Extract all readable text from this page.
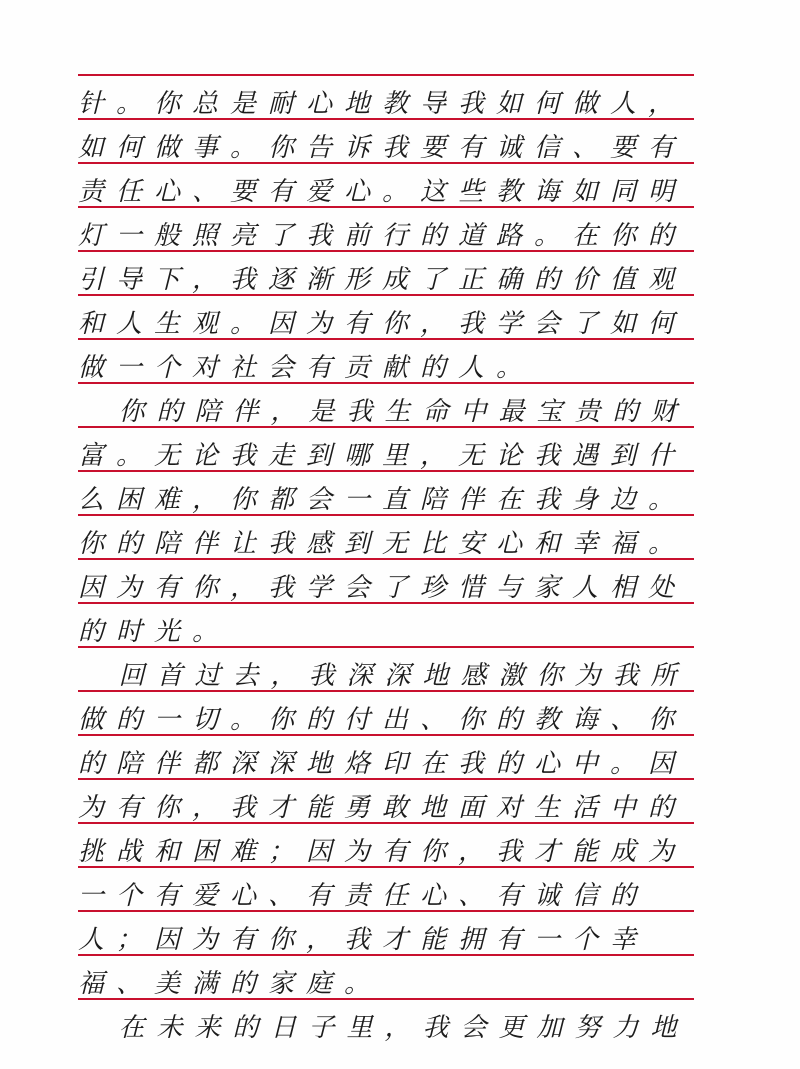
针。你总是耐心地教导我如何做人，
如何做事。你告诉我要有诚信、要有
责任心、要有爱心。这些教诲如同明
灯一般照亮了我前行的道路。在你的
引导下，我逐渐形成了正确的价值观
和人生观。因为有你，我学会了如何
做一个对社会有贡献的人。
你的陪伴，是我生命中最宝贵的财
富。无论我走到哪里，无论我遇到什
么困难，你都会一直陪伴在我身边。
你的陪伴让我感到无比安心和幸福。
因为有你，我学会了珍惜与家人相处
的时光。
回首过去，我深深地感激你为我所
做的一切。你的付出、你的教诲、你
的陪伴都深深地烙印在我的心中。因
为有你，我才能勇敢地面对生活中的
挑战和困难；因为有你，我才能成为
一个有爱心、有责任心、有诚信的
人；因为有你，我才能拥有一个幸
福、美满的家庭。
在未来的日子里，我会更加努力地
